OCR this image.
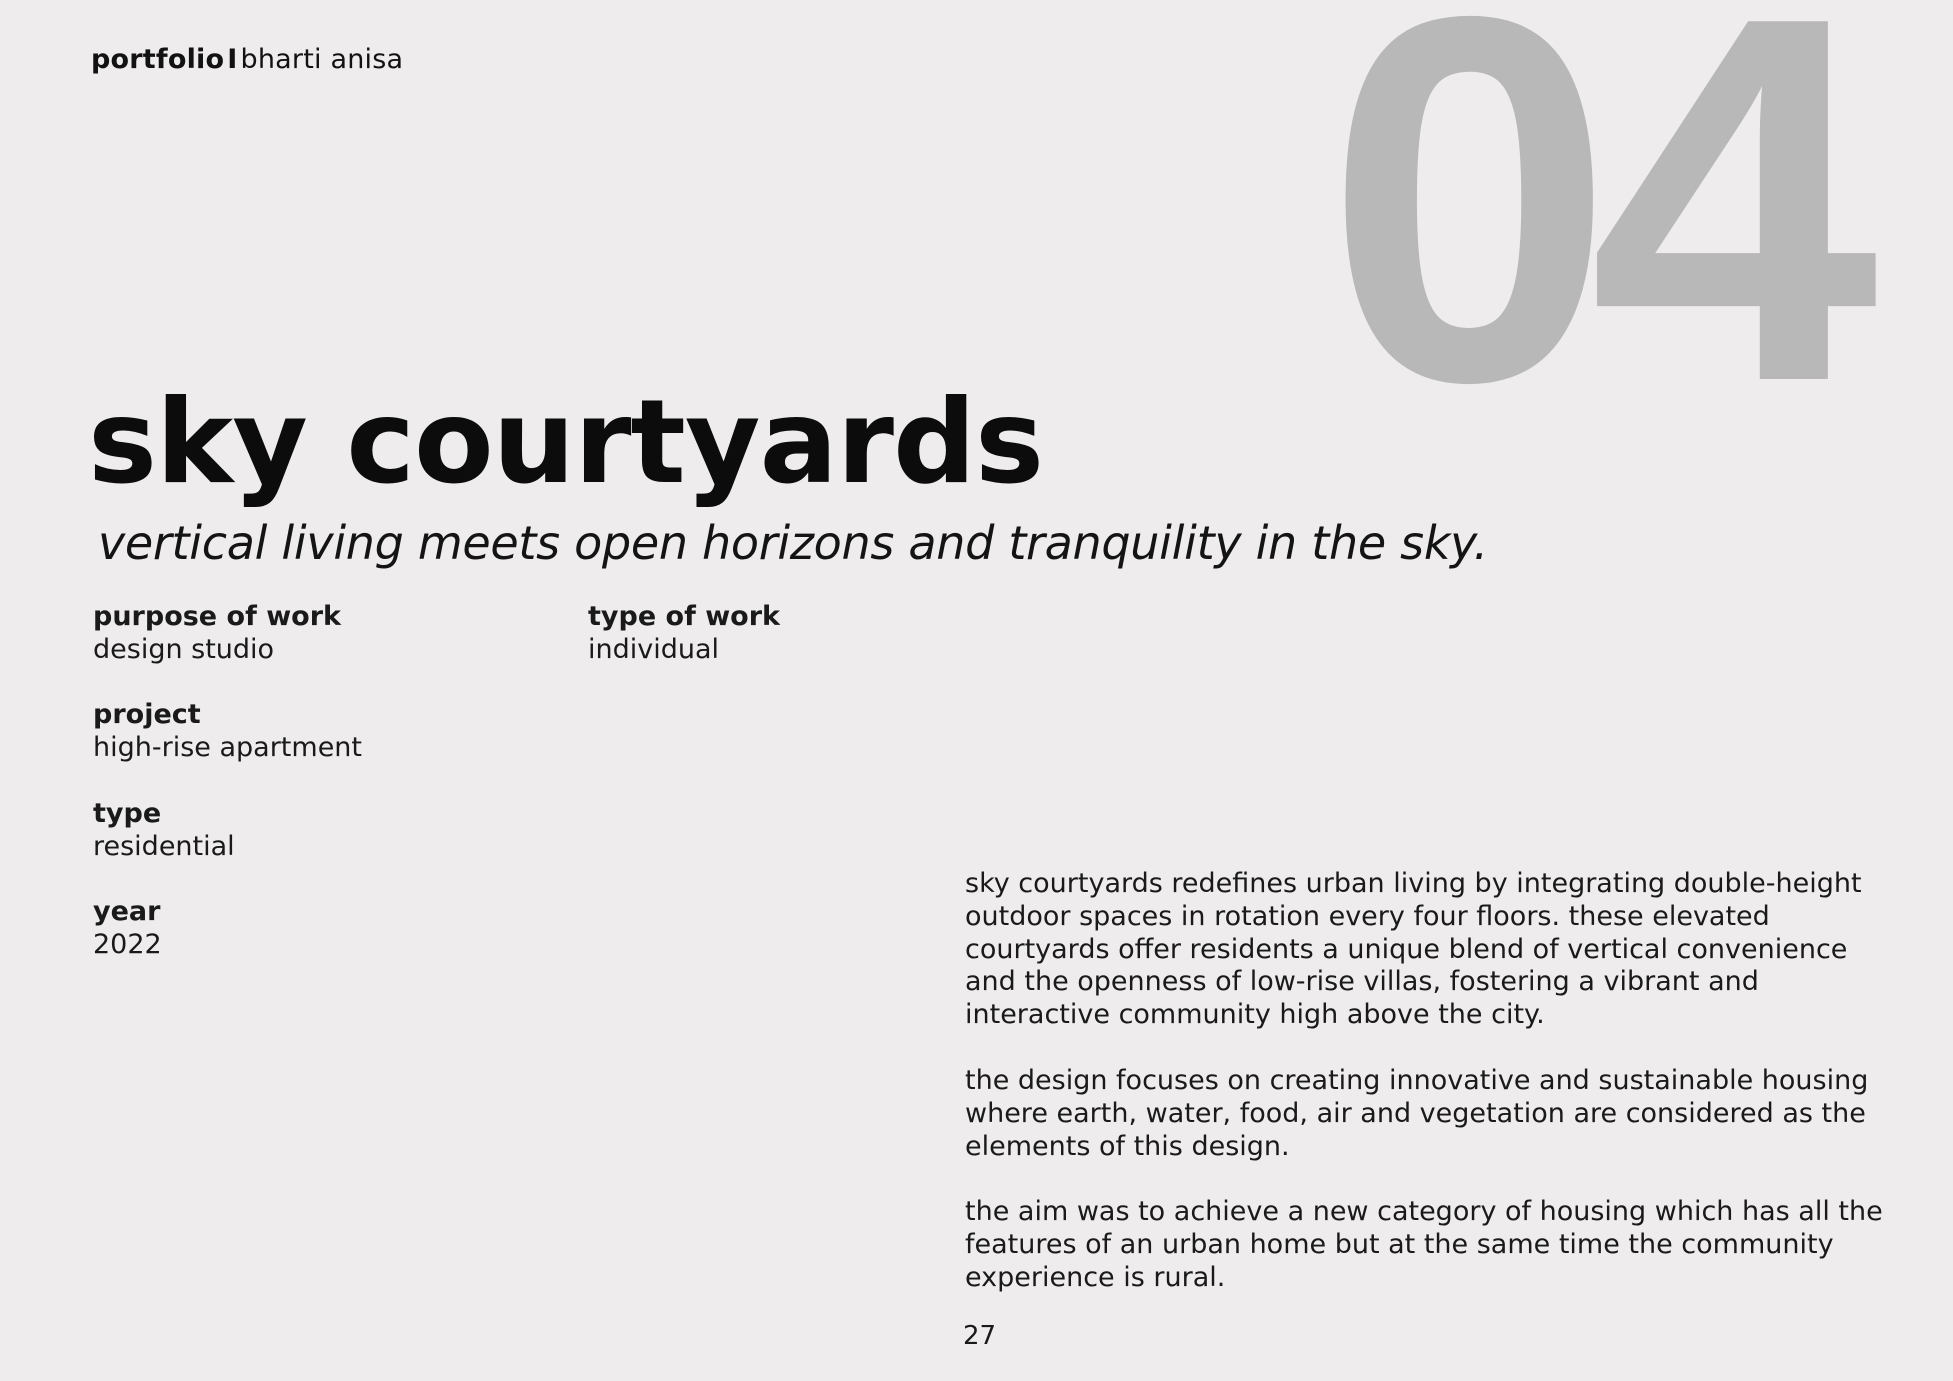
portfolio I bharti anisa 04
sky courtyards
vertical living meets open horizons and tranquility in the sky.
purpose of work
design studio
type of work
individual
project
high-rise apartment
type
residential
year
2022

sky courtyards redefines urban living by integrating double-height outdoor spaces in rotation every four floors. these elevated courtyards offer residents a unique blend of vertical convenience and the openness of low-rise villas, fostering a vibrant and interactive community high above the city.

the design focuses on creating innovative and sustainable housing where earth, water, food, air and vegetation are considered as the elements of this design.

the aim was to achieve a new category of housing which has all the features of an urban home but at the same time the community experience is rural.

27
